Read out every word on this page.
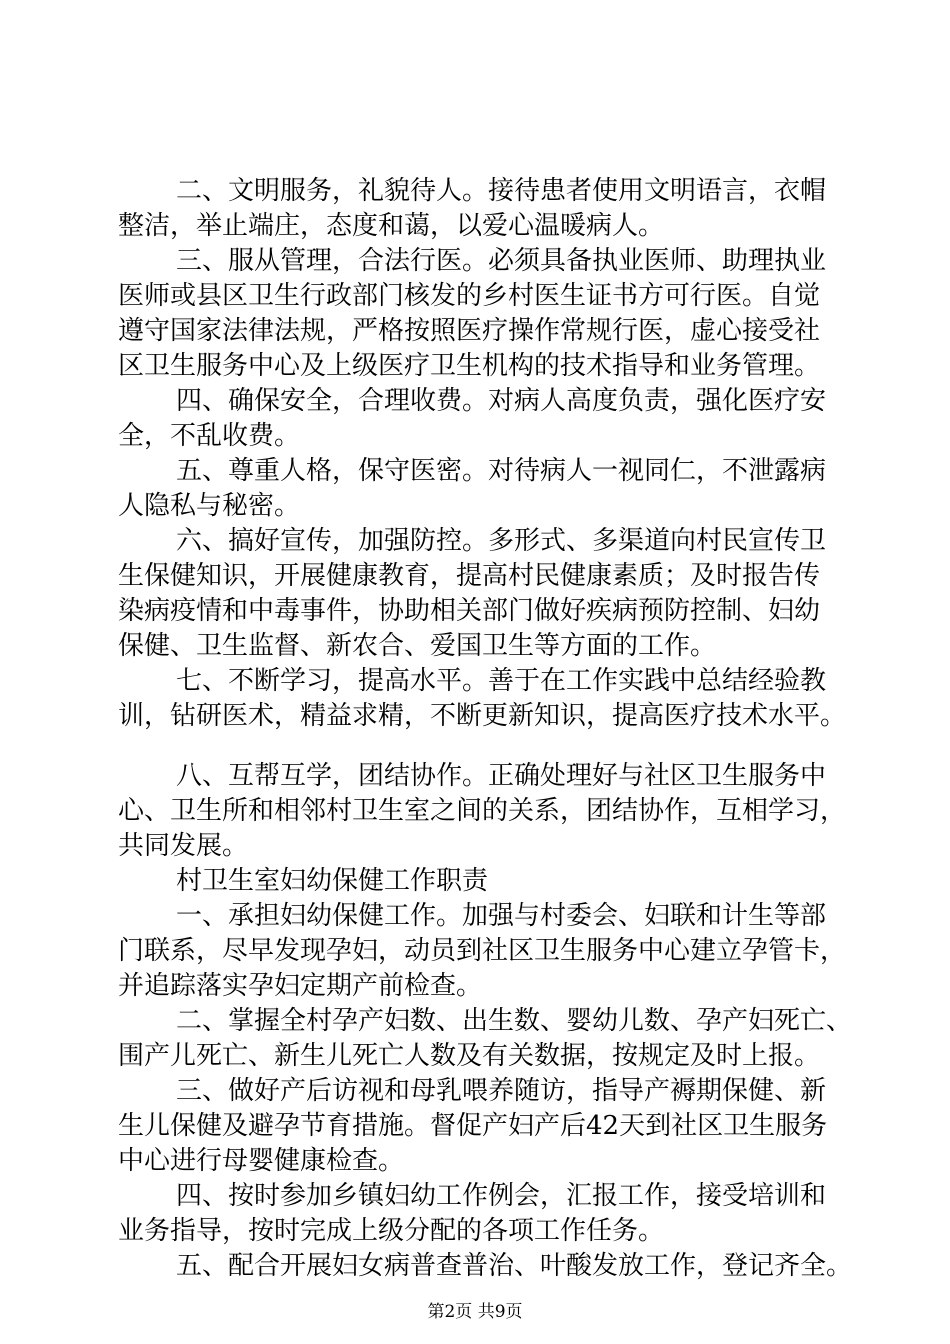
二、文明服务，礼貌待人。接待患者使用文明语言，衣帽
整洁，举止端庄，态度和蔼，以爱心温暖病人。
三、服从管理，合法行医。必须具备执业医师、助理执业
医师或县区卫生行政部门核发的乡村医生证书方可行医。自觉
遵守国家法律法规，严格按照医疗操作常规行医，虚心接受社
区卫生服务中心及上级医疗卫生机构的技术指导和业务管理。
四、确保安全，合理收费。对病人高度负责，强化医疗安
全，不乱收费。
五、尊重人格，保守医密。对待病人一视同仁，不泄露病
人隐私与秘密。
六、搞好宣传，加强防控。多形式、多渠道向村民宣传卫
生保健知识，开展健康教育，提高村民健康素质；及时报告传
染病疫情和中毒事件，协助相关部门做好疾病预防控制、妇幼
保健、卫生监督、新农合、爱国卫生等方面的工作。
七、不断学习，提高水平。善于在工作实践中总结经验教
训，钻研医术，精益求精，不断更新知识，提高医疗技术水平。
八、互帮互学，团结协作。正确处理好与社区卫生服务中
心、卫生所和相邻村卫生室之间的关系，团结协作，互相学习，
共同发展。
村卫生室妇幼保健工作职责
一、承担妇幼保健工作。加强与村委会、妇联和计生等部
门联系，尽早发现孕妇，动员到社区卫生服务中心建立孕管卡，
并追踪落实孕妇定期产前检查。
二、掌握全村孕产妇数、出生数、婴幼儿数、孕产妇死亡、
围产儿死亡、新生儿死亡人数及有关数据，按规定及时上报。
三、做好产后访视和母乳喂养随访，指导产褥期保健、新
生儿保健及避孕节育措施。督促产妇产后42天到社区卫生服务
中心进行母婴健康检查。
四、按时参加乡镇妇幼工作例会，汇报工作，接受培训和
业务指导，按时完成上级分配的各项工作任务。
五、配合开展妇女病普查普治、叶酸发放工作，登记齐全。
第2页 共9页
